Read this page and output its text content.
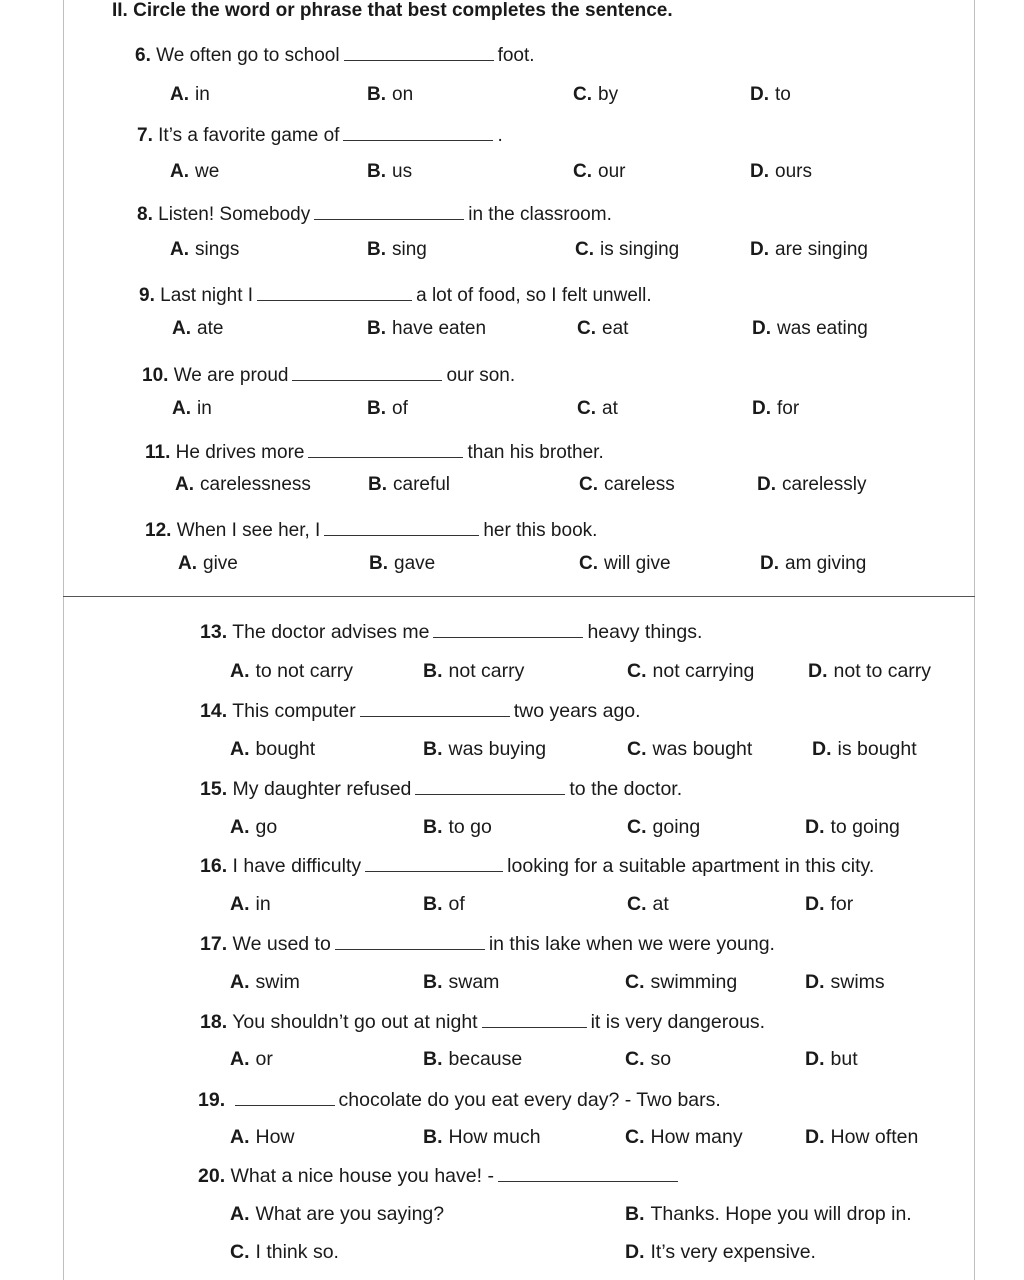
II. Circle the word or phrase that best completes the sentence.
6. We often go to school	foot.
A. in	B. on	C. by	D. to
7. It’s a favorite game of	.
A. we	B. us	C. our	D. ours
8. Listen! Somebody	in the classroom.
A. sings	B. sing	C. is singing	D. are singing
9. Last night I	a lot of food, so I felt unwell.
A. ate	B. have eaten	C. eat	D. was eating
10. We are proud	our son.
A. in	B. of	C. at	D. for
11. He drives more	than his brother.
A. carelessness	B. careful	C. careless	D. carelessly
12. When I see her, I	her this book.
A. give	B. gave	C. will give	D. am giving
13. The doctor advises me	heavy things.
A. to not carry	B. not carry	C. not carrying	D. not to carry
14. This computer	two years ago.
A. bought	B. was buying	C. was bought	D. is bought
15. My daughter refused	to the doctor.
A. go	B. to go	C. going	D. to going
16. I have difficulty	looking for a suitable apartment in this city.
A. in	B. of	C. at	D. for
17. We used to	in this lake when we were young.
A. swim	B. swam	C. swimming	D. swims
18. You shouldn’t go out at night	it is very dangerous.
A. or	B. because	C. so	D. but
19.	chocolate do you eat every day? - Two bars.
A. How	B. How much	C. How many	D. How often
20. What a nice house you have! -
A. What are you saying?	B. Thanks. Hope you will drop in.
C. I think so.	D. It’s very expensive.
